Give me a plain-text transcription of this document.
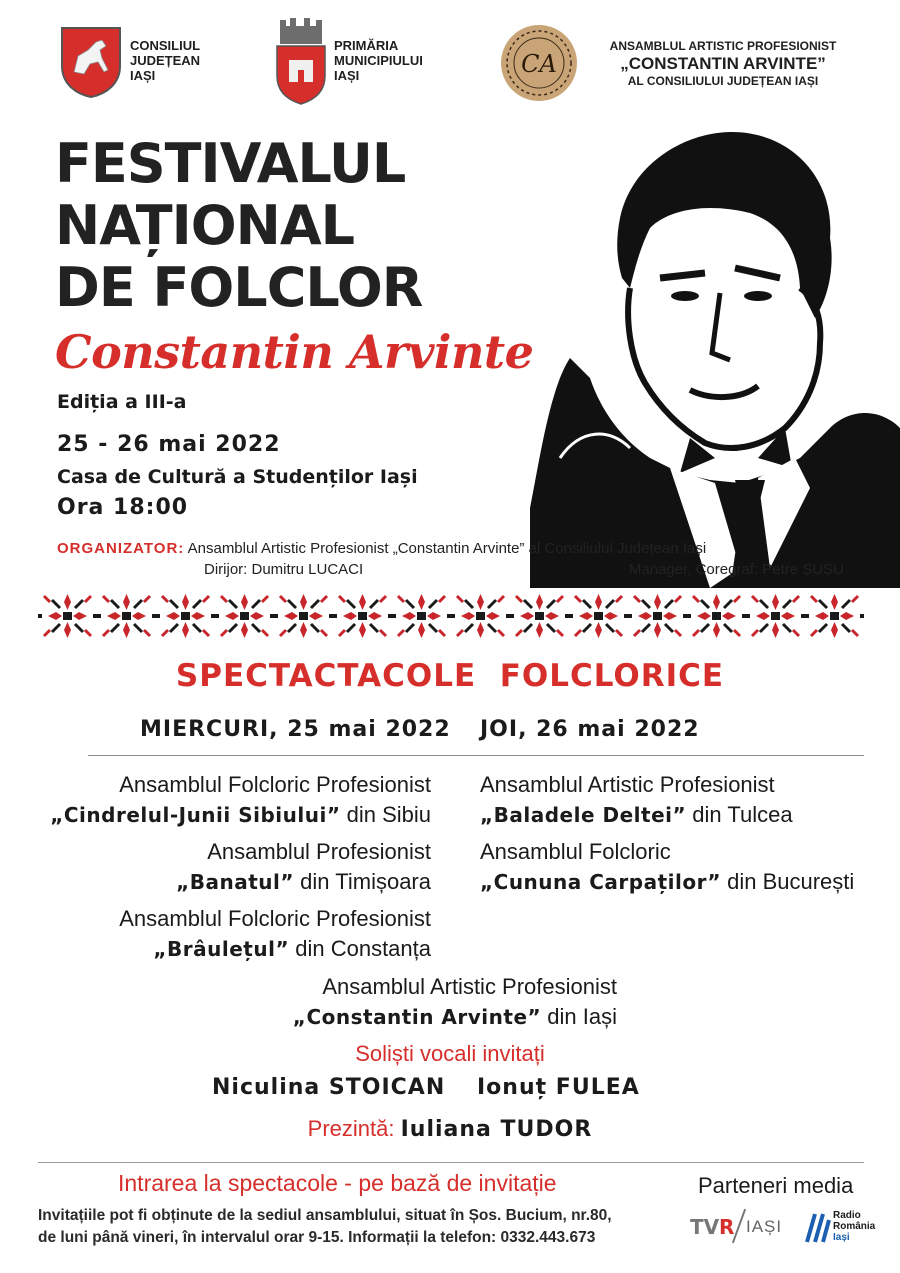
CONSILIUL
JUDEȚEAN
IAȘI
PRIMĂRIA
MUNICIPIULUI
IAȘI	CA
ANSAMBLUL ARTISTIC PROFESIONIST
„CONSTANTIN ARVINTE”
AL CONSILIULUI JUDEȚEAN IAȘI
FESTIVALUL
NAȚIONAL
DE FOLCLOR
Constantin Arvinte
Ediția a III-a
25 - 26 mai 2022
Casa de Cultură a Studenților Iași
Ora 18:00
ORGANIZATOR: Ansamblul Artistic Profesionist „Constantin Arvinte” al Consiliului Județean Iași
Dirijor: Dumitru LUCACI	Manager, Coregraf: Petre ȘUȘU
SPECTACTACOLE  FOLCLORICE
MIERCURI, 25 mai 2022 JOI, 26 mai 2022
Ansamblul Folcloric Profesionist
„Cindrelul-Junii Sibiului” din Sibiu
Ansamblul Profesionist
„Banatul” din Timișoara
Ansamblul Folcloric Profesionist
„Brâulețul” din Constanța
Ansamblul Artistic Profesionist
„Baladele Deltei” din Tulcea
Ansamblul Folcloric
„Cununa Carpaților” din București
Ansamblul Artistic Profesionist
„Constantin Arvinte” din Iași
Soliști vocali invitați
Niculina STOICAN Ionuț FULEA
Prezintă: Iuliana TUDOR
Intrarea la spectacole - pe bază de invitație
Invitațiile pot fi obținute de la sediul ansamblului, situat în Șos. Bucium, nr.80,
de luni până vineri, în intervalul orar 9-15. Informații la telefon: 0332.443.673
Parteneri media
TV R IAȘI
Radio
România
Iași
